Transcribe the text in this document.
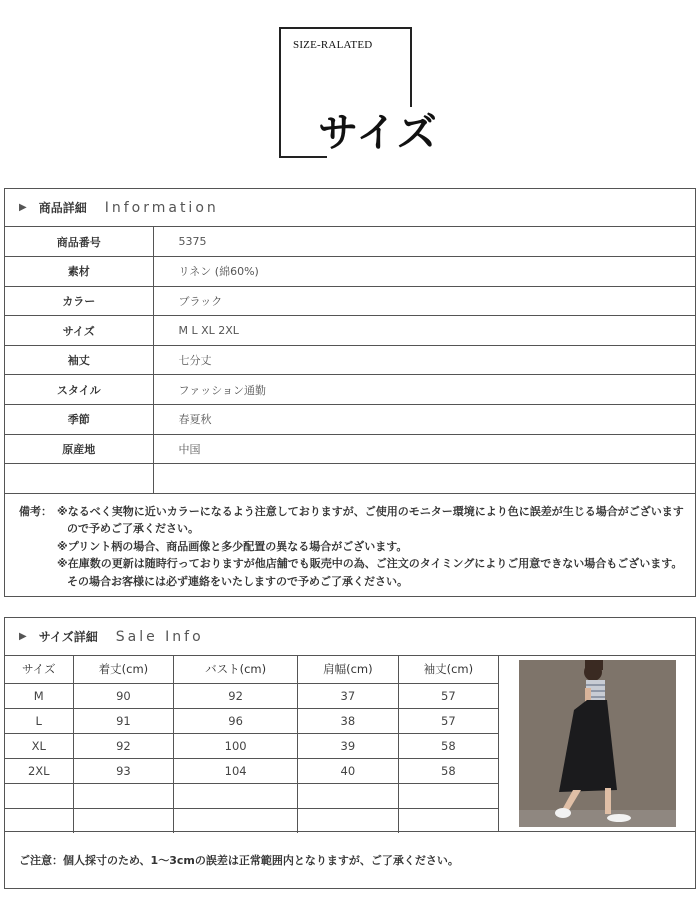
SIZE-RALATED
サイズ
▶ 商品詳細 Information
商品番号	5375
素材	リネン (綿60%)
カラー	ブラック
サイズ	M L XL 2XL
袖丈	七分丈
スタイル	ファッション通勤
季節	春夏秋
原産地	中国

備考： ※なるべく実物に近いカラーになるよう注意しておりますが、ご使用のモニター環境により色に誤差が生じる場合がございます
ので予めご了承ください。
※プリント柄の場合、商品画像と多少配置の異なる場合がございます。
※在庫数の更新は随時行っておりますが他店舗でも販売中の為、ご注文のタイミングによりご用意できない場合もございます。
その場合お客様には必ず連絡をいたしますので予めご了承ください。
▶ サイズ詳細 Sale Info
サイズ	着丈(cm)	バスト(cm)	肩幅(cm)	袖丈(cm)
M	90	92	37	57
L	91	96	38	57
XL	92	100	39	58
2XL	93	104	40	58

ご注意：個人採寸のため、1～3cmの誤差は正常範囲内となりますが、ご了承ください。
